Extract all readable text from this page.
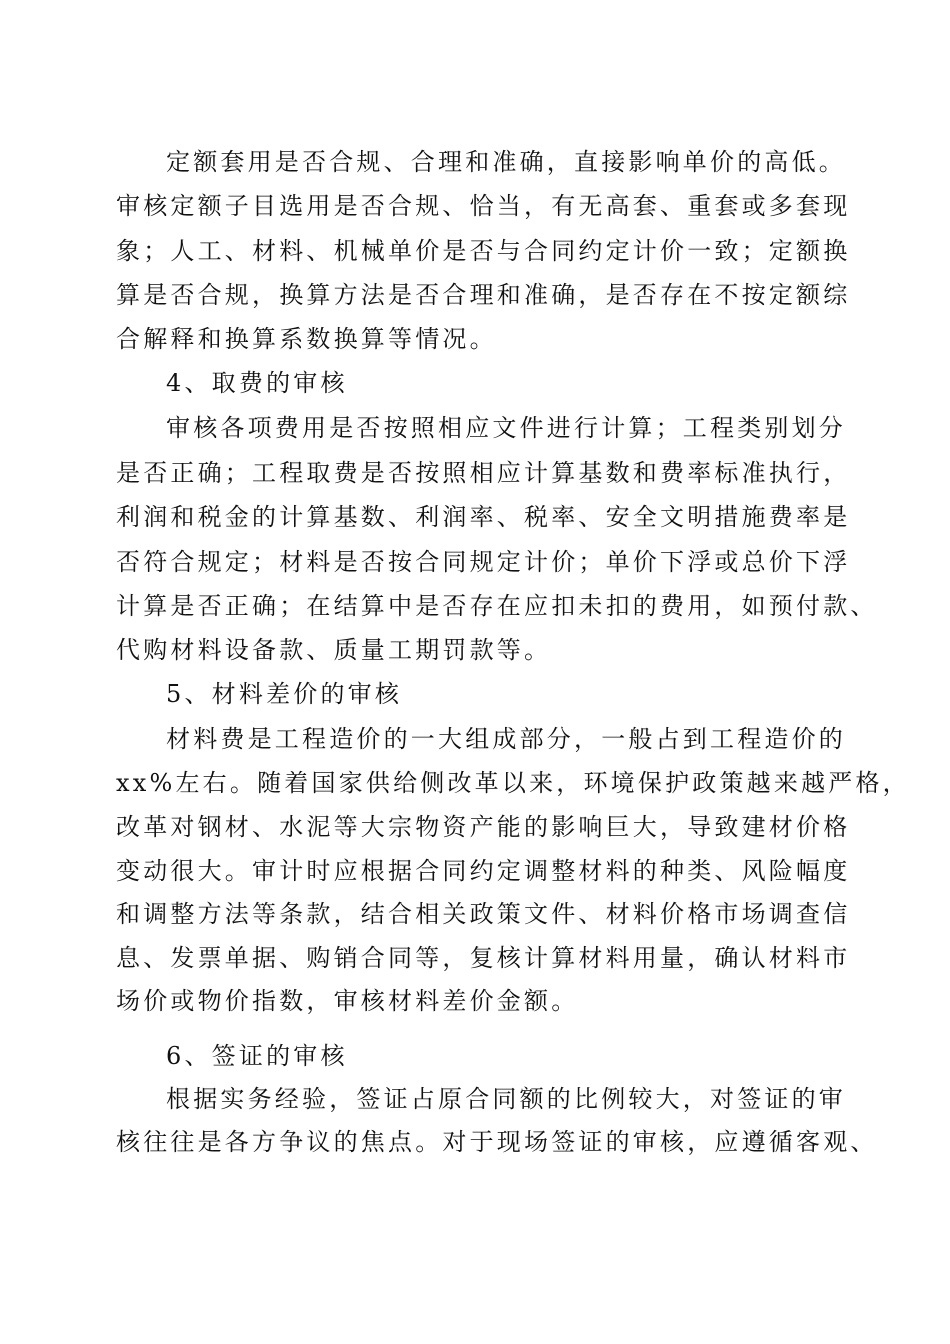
定额套用是否合规、合理和准确，直接影响单价的高低。
审核定额子目选用是否合规、恰当，有无高套、重套或多套现
象；人工、材料、机械单价是否与合同约定计价一致；定额换
算是否合规，换算方法是否合理和准确，是否存在不按定额综
合解释和换算系数换算等情况。
4、取费的审核
审核各项费用是否按照相应文件进行计算；工程类别划分
是否正确；工程取费是否按照相应计算基数和费率标准执行，
利润和税金的计算基数、利润率、税率、安全文明措施费率是
否符合规定；材料是否按合同规定计价；单价下浮或总价下浮
计算是否正确；在结算中是否存在应扣未扣的费用，如预付款、
代购材料设备款、质量工期罚款等。
5、材料差价的审核
材料费是工程造价的一大组成部分，一般占到工程造价的
xx%左右。随着国家供给侧改革以来，环境保护政策越来越严格，
改革对钢材、水泥等大宗物资产能的影响巨大，导致建材价格
变动很大。审计时应根据合同约定调整材料的种类、风险幅度
和调整方法等条款，结合相关政策文件、材料价格市场调查信
息、发票单据、购销合同等，复核计算材料用量，确认材料市
场价或物价指数，审核材料差价金额。
6、签证的审核
根据实务经验，签证占原合同额的比例较大，对签证的审
核往往是各方争议的焦点。对于现场签证的审核，应遵循客观、
